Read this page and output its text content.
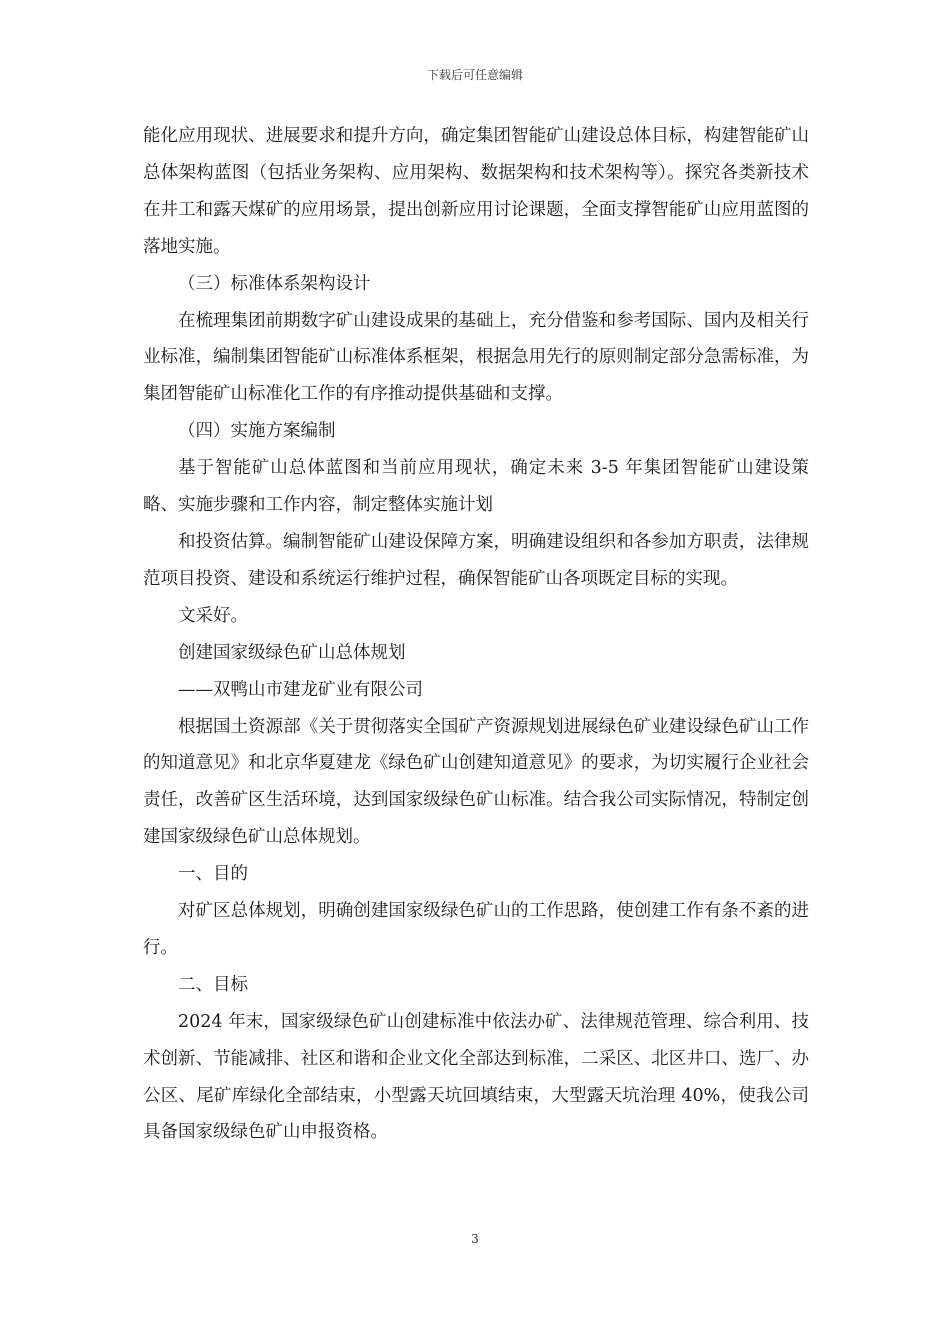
下载后可任意编辑

能化应用现状、进展要求和提升方向，确定集团智能矿山建设总体目标，构建智能矿山总体架构蓝图（包括业务架构、应用架构、数据架构和技术架构等）。探究各类新技术在井工和露天煤矿的应用场景，提出创新应用讨论课题，全面支撑智能矿山应用蓝图的落地实施。

（三）标准体系架构设计

在梳理集团前期数字矿山建设成果的基础上，充分借鉴和参考国际、国内及相关行业标准，编制集团智能矿山标准体系框架，根据急用先行的原则制定部分急需标准，为集团智能矿山标准化工作的有序推动提供基础和支撑。

（四）实施方案编制

基于智能矿山总体蓝图和当前应用现状，确定未来 3-5 年集团智能矿山建设策略、实施步骤和工作内容，制定整体实施计划

和投资估算。编制智能矿山建设保障方案，明确建设组织和各参加方职责，法律规范项目投资、建设和系统运行维护过程，确保智能矿山各项既定目标的实现。

文采好。

创建国家级绿色矿山总体规划

——双鸭山市建龙矿业有限公司

根据国土资源部《关于贯彻落实全国矿产资源规划进展绿色矿业建设绿色矿山工作的知道意见》和北京华夏建龙《绿色矿山创建知道意见》的要求，为切实履行企业社会责任，改善矿区生活环境，达到国家级绿色矿山标准。结合我公司实际情况，特制定创建国家级绿色矿山总体规划。

一、目的

对矿区总体规划，明确创建国家级绿色矿山的工作思路，使创建工作有条不紊的进行。

二、目标

2024 年末，国家级绿色矿山创建标准中依法办矿、法律规范管理、综合利用、技术创新、节能减排、社区和谐和企业文化全部达到标准，二采区、北区井口、选厂、办公区、尾矿库绿化全部结束，小型露天坑回填结束，大型露天坑治理 40%，使我公司具备国家级绿色矿山申报资格。

3
